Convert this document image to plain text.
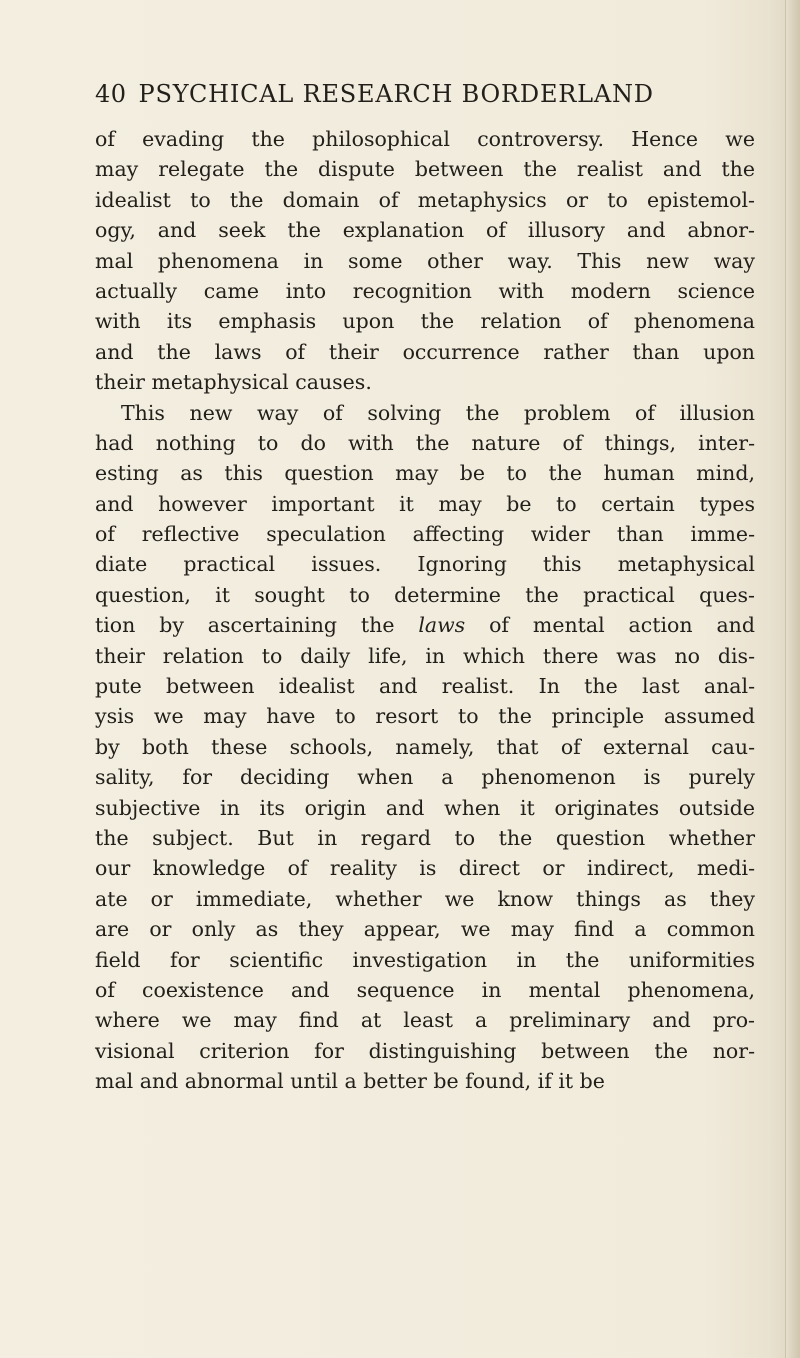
40 PSYCHICAL RESEARCH BORDERLAND
of evading the philosophical controversy. Hence we
may relegate the dispute between the realist and the
idealist to the domain of metaphysics or to epistemol-
ogy, and seek the explanation of illusory and abnor-
mal phenomena in some other way. This new way
actually came into recognition with modern science
with its emphasis upon the relation of phenomena
and the laws of their occurrence rather than upon
their metaphysical causes.
This new way of solving the problem of illusion
had nothing to do with the nature of things, inter-
esting as this question may be to the human mind,
and however important it may be to certain types
of reflective speculation affecting wider than imme-
diate practical issues. Ignoring this metaphysical
question, it sought to determine the practical ques-
tion by ascertaining the laws of mental action and
their relation to daily life, in which there was no dis-
pute between idealist and realist. In the last anal-
ysis we may have to resort to the principle assumed
by both these schools, namely, that of external cau-
sality, for deciding when a phenomenon is purely
subjective in its origin and when it originates outside
the subject. But in regard to the question whether
our knowledge of reality is direct or indirect, medi-
ate or immediate, whether we know things as they
are or only as they appear, we may find a common
field for scientific investigation in the uniformities
of coexistence and sequence in mental phenomena,
where we may find at least a preliminary and pro-
visional criterion for distinguishing between the nor-
mal and abnormal until a better be found, if it be
